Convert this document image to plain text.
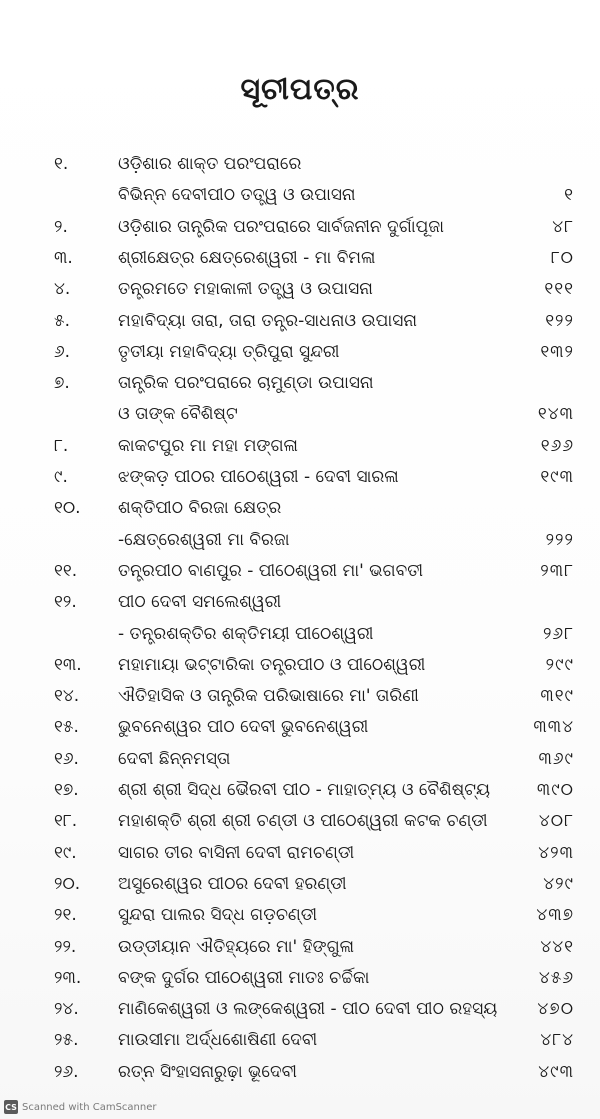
ସୂଚୀପତ୍ର
୧.	ଓଡ଼ିଶାର ଶାକ୍ତ ପରଂପରାରେ
ବିଭିନ୍ନ ଦେବୀପୀଠ ତତ୍ତ୍ୱ ଓ ଉପାସନା	୧
୨.	ଓଡ଼ିଶାର ତାନ୍ତ୍ରିକ ପରଂପରାରେ ସାର୍ବଜନୀନ ଦୁର୍ଗାପୂଜା	୪୮
୩.	ଶ୍ରୀକ୍ଷେତ୍ର କ୍ଷେତ୍ରେଶ୍ୱରୀ - ମା ବିମଳା	୮୦
୪.	ତନ୍ତ୍ରମତେ ମହାକାଳୀ ତତ୍ତ୍ୱ ଓ ଉପାସନା	୧୧୧
୫.	ମହାବିଦ୍ୟା ତାରା, ତାରା ତନ୍ତ୍ର-ସାଧନାଓ ଉପାସନା	୧୨୨
୬.	ତୃତୀୟା ମହାବିଦ୍ୟା ତ୍ରିପୁରା ସୁନ୍ଦରୀ	୧୩୨
୭.	ତାନ୍ତ୍ରିକ ପରଂପରାରେ ଚାମୁଣ୍ଡା ଉପାସନା
ଓ ତାଙ୍କ ବୈଶିଷ୍ଟ	୧୪୩
୮.	କାକଟପୁର ମା ମହା ମଙ୍ଗଳା	୧୬୬
୯.	ଝଙ୍କଡ଼ ପୀଠର ପୀଠେଶ୍ୱରୀ - ଦେବୀ ସାରଳା	୧୯୩
୧୦.	ଶକ୍ତିପୀଠ ବିରଜା କ୍ଷେତ୍ର
-କ୍ଷେତ୍ରେଶ୍ୱରୀ ମା ବିରଜା	୨୨୨
୧୧.	ତନ୍ତ୍ରପୀଠ ବାଣପୁର - ପୀଠେଶ୍ୱରୀ ମା' ଭଗବତୀ	୨୩୮
୧୨.	ପୀଠ ଦେବୀ ସମଲେଶ୍ୱରୀ
- ତନ୍ତ୍ରଶକ୍ତିର ଶକ୍ତିମୟୀ ପୀଠେଶ୍ୱରୀ	୨୬୮
୧୩.	ମହାମାୟା ଭଟ୍ଟାରିକା ତନ୍ତ୍ରପୀଠ ଓ ପୀଠେଶ୍ୱରୀ	୨୯୯
୧୪.	ଐତିହାସିକ ଓ ତାନ୍ତ୍ରିକ ପରିଭାଷାରେ ମା' ତାରିଣୀ	୩୧୯
୧୫.	ଭୁବନେଶ୍ୱର ପୀଠ ଦେବୀ ଭୁବନେଶ୍ୱରୀ	୩୩୪
୧୬.	ଦେବୀ ଛିନ୍ନମସ୍ତା	୩୬୯
୧୭.	ଶ୍ରୀ ଶ୍ରୀ ସିଦ୍ଧ ଭୈରବୀ ପୀଠ - ମାହାତ୍ମ୍ୟ ଓ ବୈଶିଷ୍ଟ୍ୟ	୩୯୦
୧୮.	ମହାଶକ୍ତି ଶ୍ରୀ ଶ୍ରୀ ଚଣ୍ଡୀ ଓ ପୀଠେଶ୍ୱରୀ କଟକ ଚଣ୍ଡୀ	୪୦୮
୧୯.	ସାଗର ତୀର ବାସିନୀ ଦେବୀ ରାମଚଣ୍ଡୀ	୪୨୩
୨୦.	ଅସୁରେଶ୍ୱର ପୀଠର ଦେବୀ ହରଣ୍ଡୀ	୪୨୯
୨୧.	ସୁନ୍ଦରା ପାଲର ସିଦ୍ଧ ଗଡ଼ଚଣ୍ଡୀ	୪୩୭
୨୨.	ଉଡ୍ଡୀୟାନ ଐତିହ୍ୟରେ ମା' ହିଙ୍ଗୁଳା	୪୪୧
୨୩.	ବଙ୍କ ଦୁର୍ଗର ପୀଠେଶ୍ୱରୀ ମାତଃ ଚର୍ଚ୍ଚିକା	୪୫୬
୨୪.	ମାଣିକେଶ୍ୱରୀ ଓ ଲଙ୍କେଶ୍ୱରୀ - ପୀଠ ଦେବୀ ପୀଠ ରହସ୍ୟ	୪୭୦
୨୫.	ମାଉସୀମା ଅର୍ଦ୍ଧଶୋଷିଣୀ ଦେବୀ	୪୮୪
୨୬.	ରତ୍ନ ସିଂହାସନାରୁଢ଼ା ଭୂଦେବୀ	୪୯୩
CS Scanned with CamScanner
